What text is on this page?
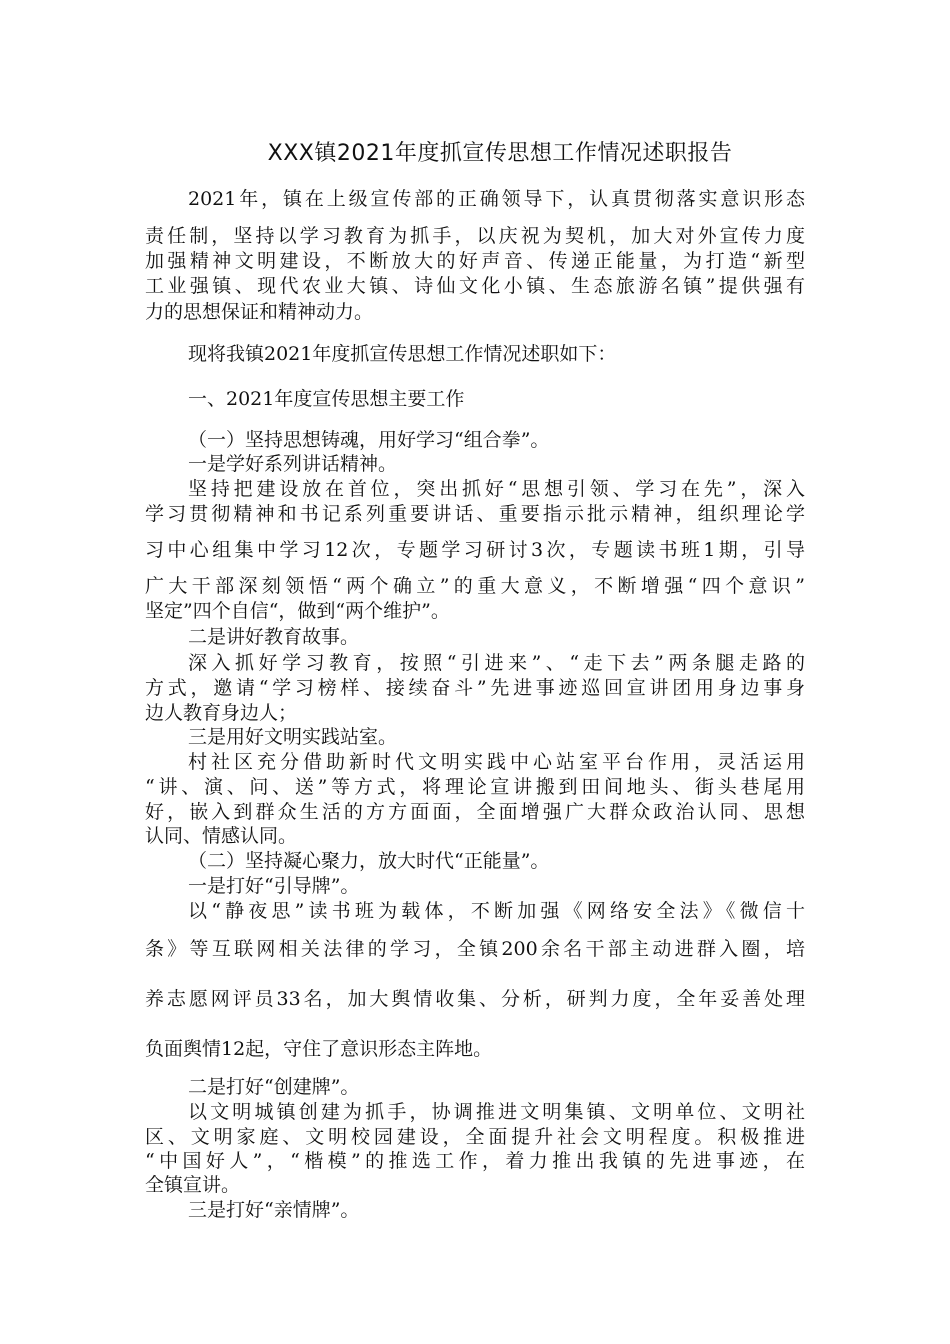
XXX镇2021年度抓宣传思想工作情况述职报告
2021年，镇在上级宣传部的正确领导下，认真贯彻落实意识形态
责任制，坚持以学习教育为抓手，以庆祝为契机，加大对外宣传力度
加强精神文明建设，不断放大的好声音、传递正能量，为打造“新型
工业强镇、现代农业大镇、诗仙文化小镇、生态旅游名镇”提供强有
力的思想保证和精神动力。
现将我镇2021年度抓宣传思想工作情况述职如下：
一、2021年度宣传思想主要工作
（一）坚持思想铸魂，用好学习“组合拳”。
一是学好系列讲话精神。
坚持把建设放在首位，突出抓好“思想引领、学习在先”，深入
学习贯彻精神和书记系列重要讲话、重要指示批示精神，组织理论学
习中心组集中学习12次，专题学习研讨3次，专题读书班1期，引导
广大干部深刻领悟“两个确立”的重大意义，不断增强“四个意识”
坚定”四个自信“，做到“两个维护”。
二是讲好教育故事。
深入抓好学习教育，按照“引进来”、“走下去”两条腿走路的
方式，邀请“学习榜样、接续奋斗”先进事迹巡回宣讲团用身边事身
边人教育身边人；
三是用好文明实践站室。
村社区充分借助新时代文明实践中心站室平台作用，灵活运用
“讲、演、问、送”等方式，将理论宣讲搬到田间地头、街头巷尾用
好，嵌入到群众生活的方方面面，全面增强广大群众政治认同、思想
认同、情感认同。
（二）坚持凝心聚力，放大时代“正能量”。
一是打好“引导牌”。
以“静夜思”读书班为载体，不断加强《网络安全法》《微信十
条》等互联网相关法律的学习，全镇200余名干部主动进群入圈，培
养志愿网评员33名，加大舆情收集、分析，研判力度，全年妥善处理
负面舆情12起，守住了意识形态主阵地。
二是打好“创建牌”。
以文明城镇创建为抓手，协调推进文明集镇、文明单位、文明社
区、文明家庭、文明校园建设，全面提升社会文明程度。积极推进
“中国好人”，“楷模”的推选工作，着力推出我镇的先进事迹，在
全镇宣讲。
三是打好“亲情牌”。
